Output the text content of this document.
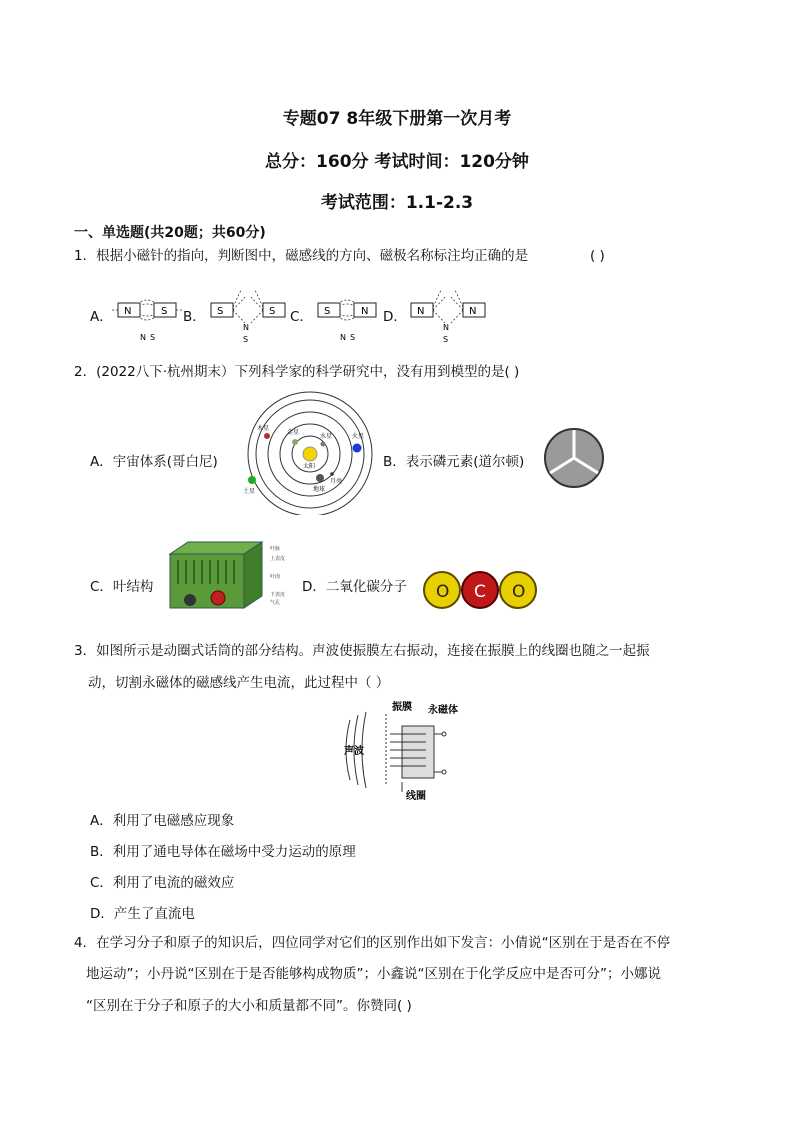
专题07 8年级下册第一次月考
总分：160分 考试时间：120分钟
考试范围：1.1-2.3
一、单选题(共20题；共60分)
1．根据小磁针的指向，判断图中，磁感线的方向、磁极名称标注均正确的是	( )
A．	B．	C．	D．
N	S
N S
S	S
N
S
S	N
N S
N	N
N
S
2．(2022八下·杭州期末）下列科学家的科学研究中，没有用到模型的是( )
A．宇宙体系(哥白尼)
木星
金星
水星
太阳
火星
月亮
地球
土星
B．表示磷元素(道尔顿)
C．叶结构
叶脉
上表皮
叶肉
下表皮
气孔
D．二氧化碳分子 O C O
3．如图所示是动圈式话筒的部分结构。声波使振膜左右振动，连接在振膜上的线圈也随之一起振
动，切割永磁体的磁感线产生电流，此过程中（ ）
振膜 永磁体
声波
线圈
A．利用了电磁感应现象
B．利用了通电导体在磁场中受力运动的原理
C．利用了电流的磁效应
D．产生了直流电
4．在学习分子和原子的知识后，四位同学对它们的区别作出如下发言：小倩说“区别在于是否在不停
地运动”；小丹说“区别在于是否能够构成物质”；小鑫说“区别在于化学反应中是否可分”；小娜说
“区别在于分子和原子的大小和质量都不同”。你赞同( )
